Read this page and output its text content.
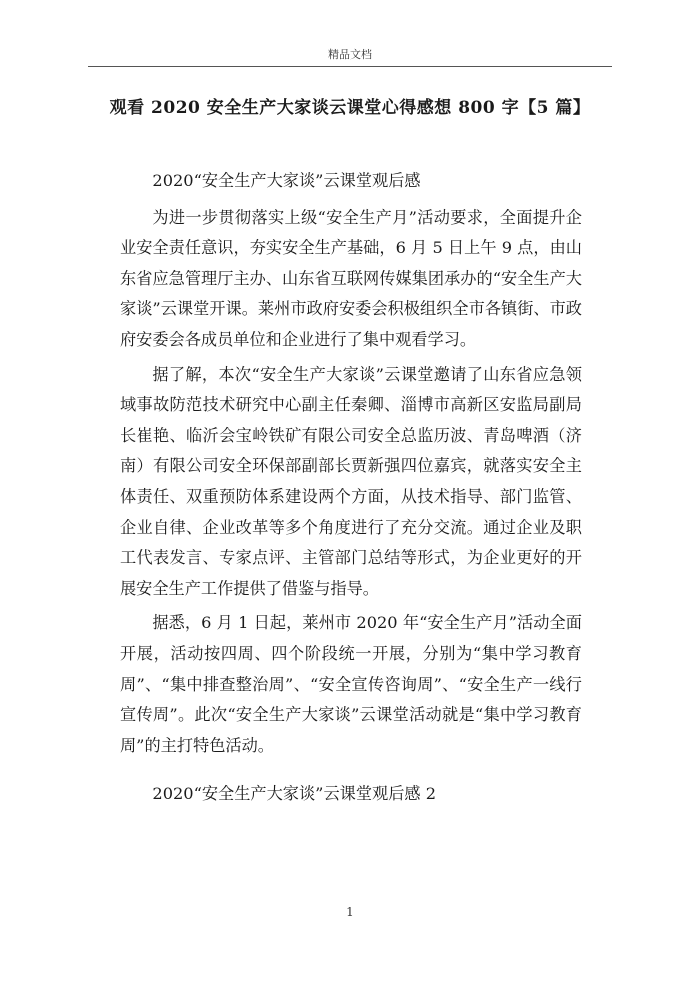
精品文档
观看 2020 安全生产大家谈云课堂心得感想 800 字【5 篇】

2020“安全生产大家谈”云课堂观后感

为进一步贯彻落实上级“安全生产月”活动要求，全面提升企业安全责任意识，夯实安全生产基础，6 月 5 日上午 9 点，由山东省应急管理厅主办、山东省互联网传媒集团承办的“安全生产大家谈”云课堂开课。莱州市政府安委会积极组织全市各镇街、市政府安委会各成员单位和企业进行了集中观看学习。

据了解，本次“安全生产大家谈”云课堂邀请了山东省应急领域事故防范技术研究中心副主任秦卿、淄博市高新区安监局副局长崔艳、临沂会宝岭铁矿有限公司安全总监历波、青岛啤酒（济南）有限公司安全环保部副部长贾新强四位嘉宾，就落实安全主体责任、双重预防体系建设两个方面，从技术指导、部门监管、企业自律、企业改革等多个角度进行了充分交流。通过企业及职工代表发言、专家点评、主管部门总结等形式，为企业更好的开展安全生产工作提供了借鉴与指导。

据悉，6 月 1 日起，莱州市 2020 年“安全生产月”活动全面开展，活动按四周、四个阶段统一开展，分别为“集中学习教育周”、“集中排查整治周”、“安全宣传咨询周”、“安全生产一线行宣传周”。此次“安全生产大家谈”云课堂活动就是“集中学习教育周”的主打特色活动。

2020“安全生产大家谈”云课堂观后感 2

1
